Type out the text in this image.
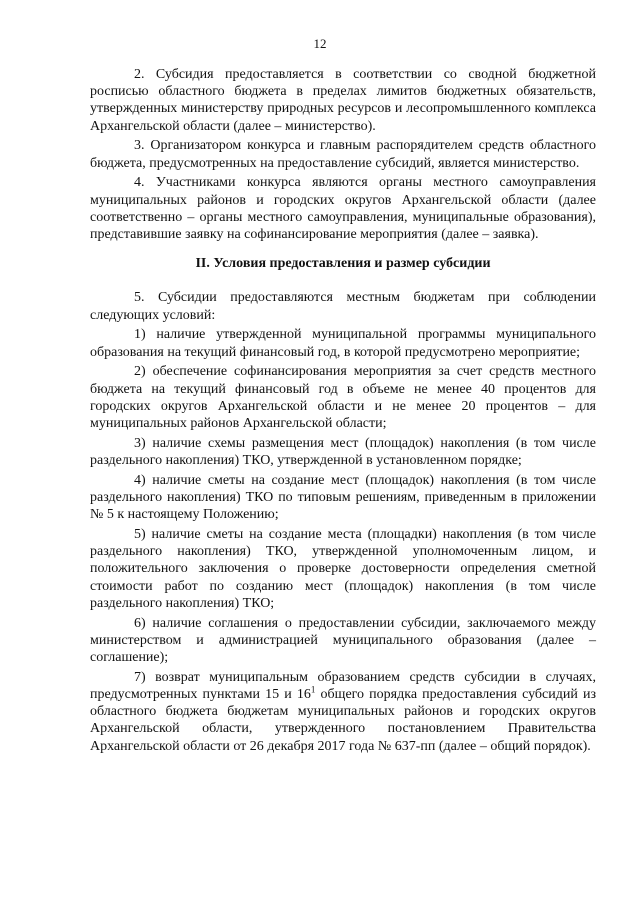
12

2. Субсидия предоставляется в соответствии со сводной бюджетной росписью областного бюджета в пределах лимитов бюджетных обязательств, утвержденных министерству природных ресурсов и лесопромышленного комплекса Архангельской области (далее – министерство).

3. Организатором конкурса и главным распорядителем средств областного бюджета, предусмотренных на предоставление субсидий, является министерство.

4. Участниками конкурса являются органы местного самоуправления муниципальных районов и городских округов Архангельской области (далее соответственно – органы местного самоуправления, муниципальные образования), представившие заявку на софинансирование мероприятия (далее – заявка).

II. Условия предоставления и размер субсидии

5. Субсидии предоставляются местным бюджетам при соблюдении следующих условий:

1) наличие утвержденной муниципальной программы муниципального образования на текущий финансовый год, в которой предусмотрено мероприятие;

2) обеспечение софинансирования мероприятия за счет средств местного бюджета на текущий финансовый год в объеме не менее 40 процентов для городских округов Архангельской области и не менее 20 процентов – для муниципальных районов Архангельской области;

3) наличие схемы размещения мест (площадок) накопления (в том числе раздельного накопления) ТКО, утвержденной в установленном порядке;

4) наличие сметы на создание мест (площадок) накопления (в том числе раздельного накопления) ТКО по типовым решениям, приведенным в приложении № 5 к настоящему Положению;

5) наличие сметы на создание места (площадки) накопления (в том числе раздельного накопления) ТКО, утвержденной уполномоченным лицом, и положительного заключения о проверке достоверности определения сметной стоимости работ по созданию мест (площадок) накопления (в том числе раздельного накопления) ТКО;

6) наличие соглашения о предоставлении субсидии, заключаемого между министерством и администрацией муниципального образования (далее – соглашение);

7) возврат муниципальным образованием средств субсидии в случаях, предусмотренных пунктами 15 и $16^1$ общего порядка предоставления субсидий из областного бюджета бюджетам муниципальных районов и городских округов Архангельской области, утвержденного постановлением Правительства Архангельской области от 26 декабря 2017 года № 637-пп (далее – общий порядок).
